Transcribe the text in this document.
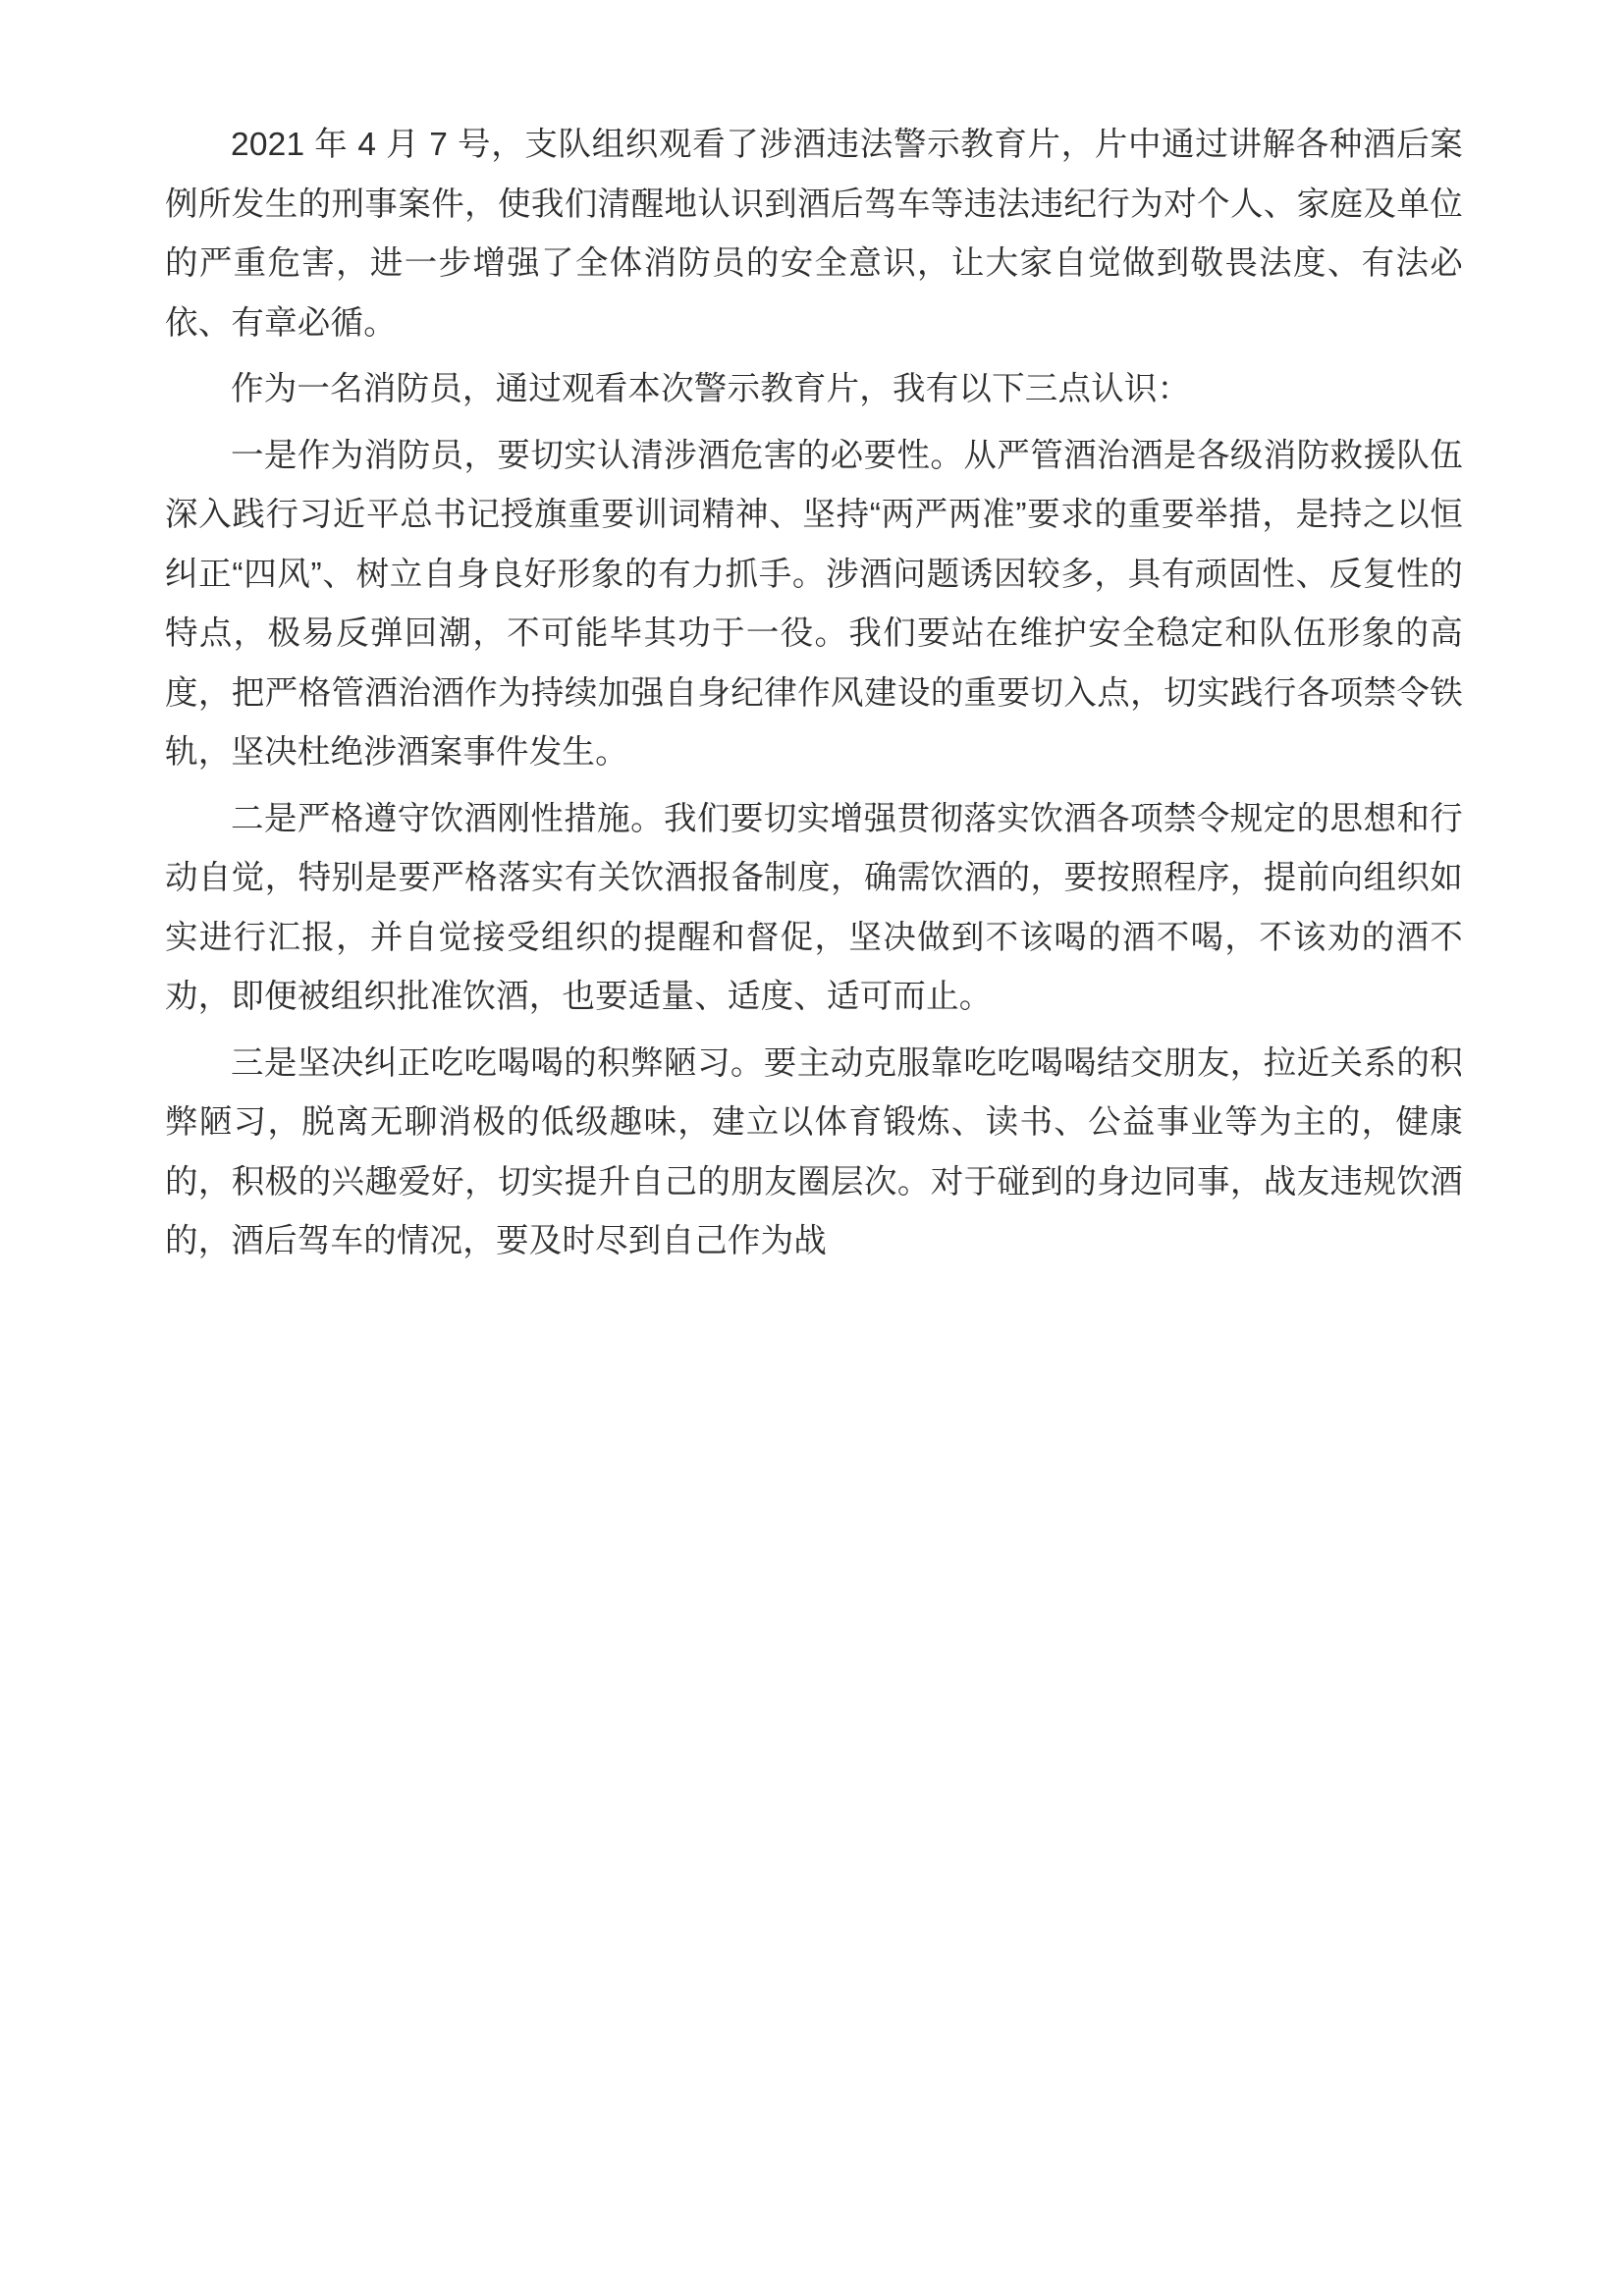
2021 年 4 月 7 号，支队组织观看了涉酒违法警示教育片，片中通过讲解各种酒后案例所发生的刑事案件，使我们清醒地认识到酒后驾车等违法违纪行为对个人、家庭及单位的严重危害，进一步增强了全体消防员的安全意识，让大家自觉做到敬畏法度、有法必依、有章必循。

作为一名消防员，通过观看本次警示教育片，我有以下三点认识：

一是作为消防员，要切实认清涉酒危害的必要性。从严管酒治酒是各级消防救援队伍深入践行习近平总书记授旗重要训词精神、坚持“两严两准”要求的重要举措，是持之以恒纠正“四风”、树立自身良好形象的有力抓手。涉酒问题诱因较多，具有顽固性、反复性的特点，极易反弹回潮，不可能毕其功于一役。我们要站在维护安全稳定和队伍形象的高度，把严格管酒治酒作为持续加强自身纪律作风建设的重要切入点，切实践行各项禁令铁轨，坚决杜绝涉酒案事件发生。

二是严格遵守饮酒刚性措施。我们要切实增强贯彻落实饮酒各项禁令规定的思想和行动自觉，特别是要严格落实有关饮酒报备制度，确需饮酒的，要按照程序，提前向组织如实进行汇报，并自觉接受组织的提醒和督促，坚决做到不该喝的酒不喝，不该劝的酒不劝，即便被组织批准饮酒，也要适量、适度、适可而止。

三是坚决纠正吃吃喝喝的积弊陋习。要主动克服靠吃吃喝喝结交朋友，拉近关系的积弊陋习，脱离无聊消极的低级趣味，建立以体育锻炼、读书、公益事业等为主的，健康的，积极的兴趣爱好，切实提升自己的朋友圈层次。对于碰到的身边同事，战友违规饮酒的，酒后驾车的情况，要及时尽到自己作为战
